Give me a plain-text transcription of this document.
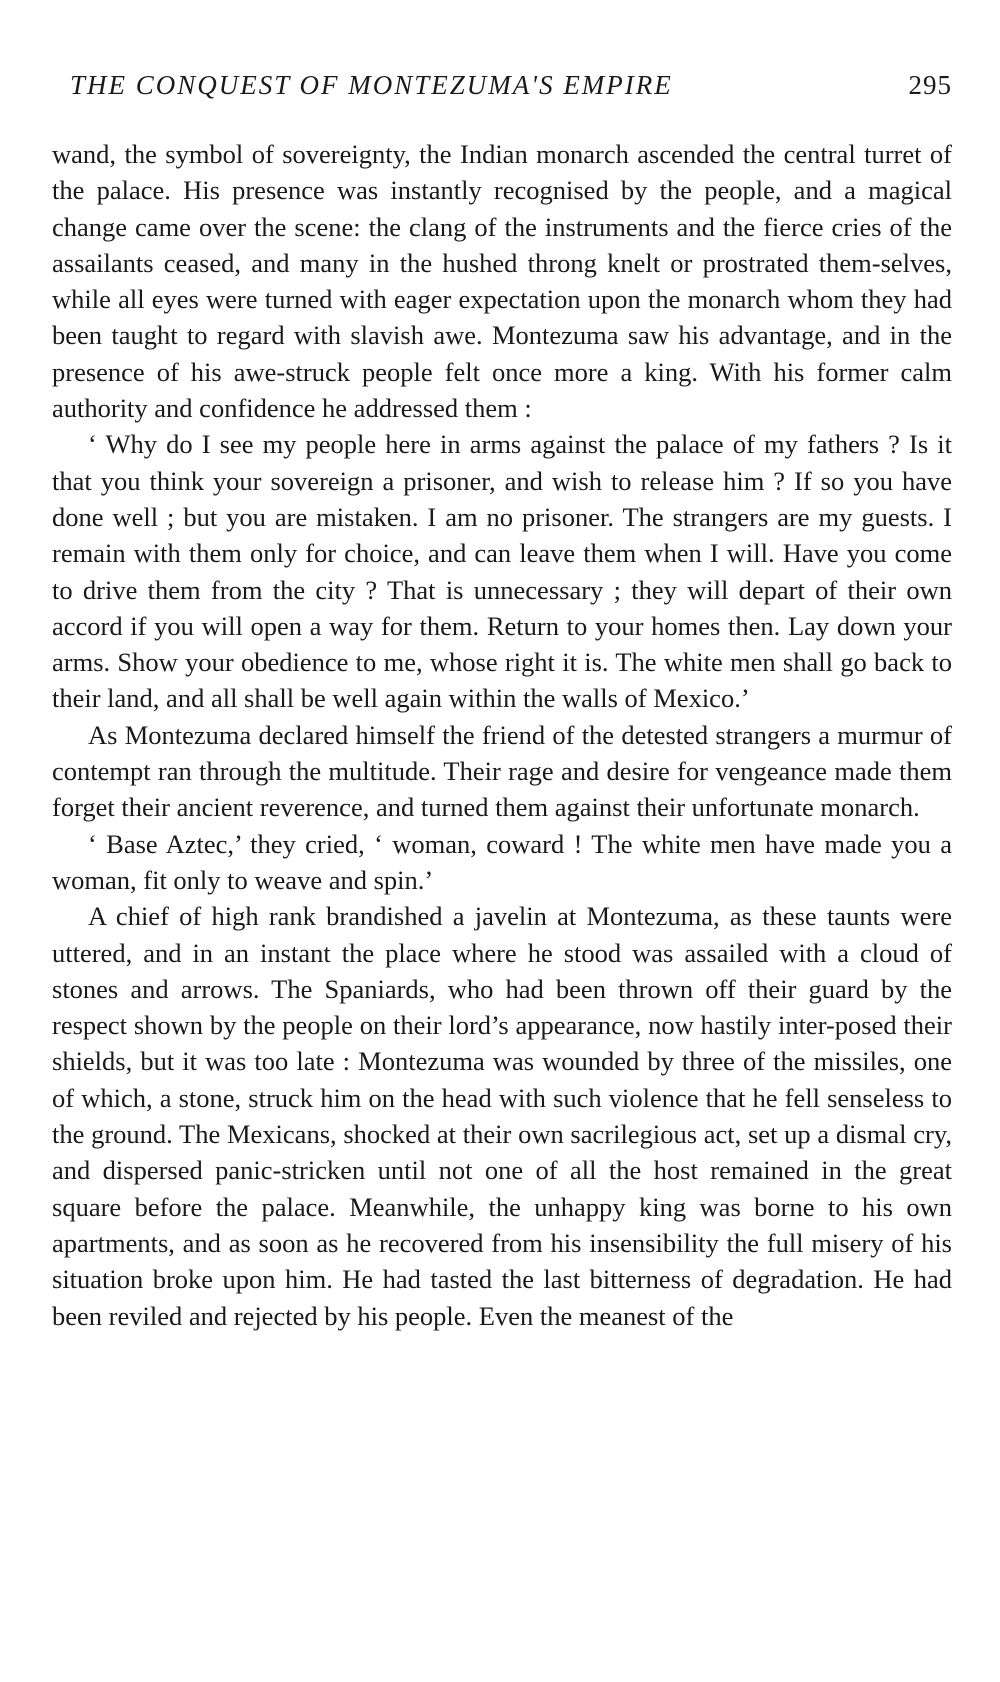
THE CONQUEST OF MONTEZUMA'S EMPIRE	295

wand, the symbol of sovereignty, the Indian monarch ascended the central turret of the palace. His presence was instantly recognised by the people, and a magical change came over the scene: the clang of the instruments and the fierce cries of the assailants ceased, and many in the hushed throng knelt or prostrated them-selves, while all eyes were turned with eager expectation upon the monarch whom they had been taught to regard with slavish awe. Montezuma saw his advantage, and in the presence of his awe-struck people felt once more a king. With his former calm authority and confidence he addressed them :

‘ Why do I see my people here in arms against the palace of my fathers ? Is it that you think your sovereign a prisoner, and wish to release him ? If so you have done well ; but you are mistaken. I am no prisoner. The strangers are my guests. I remain with them only for choice, and can leave them when I will. Have you come to drive them from the city ? That is unnecessary ; they will depart of their own accord if you will open a way for them. Return to your homes then. Lay down your arms. Show your obedience to me, whose right it is. The white men shall go back to their land, and all shall be well again within the walls of Mexico.’

As Montezuma declared himself the friend of the detested strangers a murmur of contempt ran through the multitude. Their rage and desire for vengeance made them forget their ancient reverence, and turned them against their unfortunate monarch.

‘ Base Aztec,’ they cried, ‘ woman, coward ! The white men have made you a woman, fit only to weave and spin.’

A chief of high rank brandished a javelin at Montezuma, as these taunts were uttered, and in an instant the place where he stood was assailed with a cloud of stones and arrows. The Spaniards, who had been thrown off their guard by the respect shown by the people on their lord’s appearance, now hastily inter-posed their shields, but it was too late : Montezuma was wounded by three of the missiles, one of which, a stone, struck him on the head with such violence that he fell senseless to the ground. The Mexicans, shocked at their own sacrilegious act, set up a dismal cry, and dispersed panic-stricken until not one of all the host remained in the great square before the palace. Meanwhile, the unhappy king was borne to his own apartments, and as soon as he recovered from his insensibility the full misery of his situation broke upon him. He had tasted the last bitterness of degradation. He had been reviled and rejected by his people. Even the meanest of the
